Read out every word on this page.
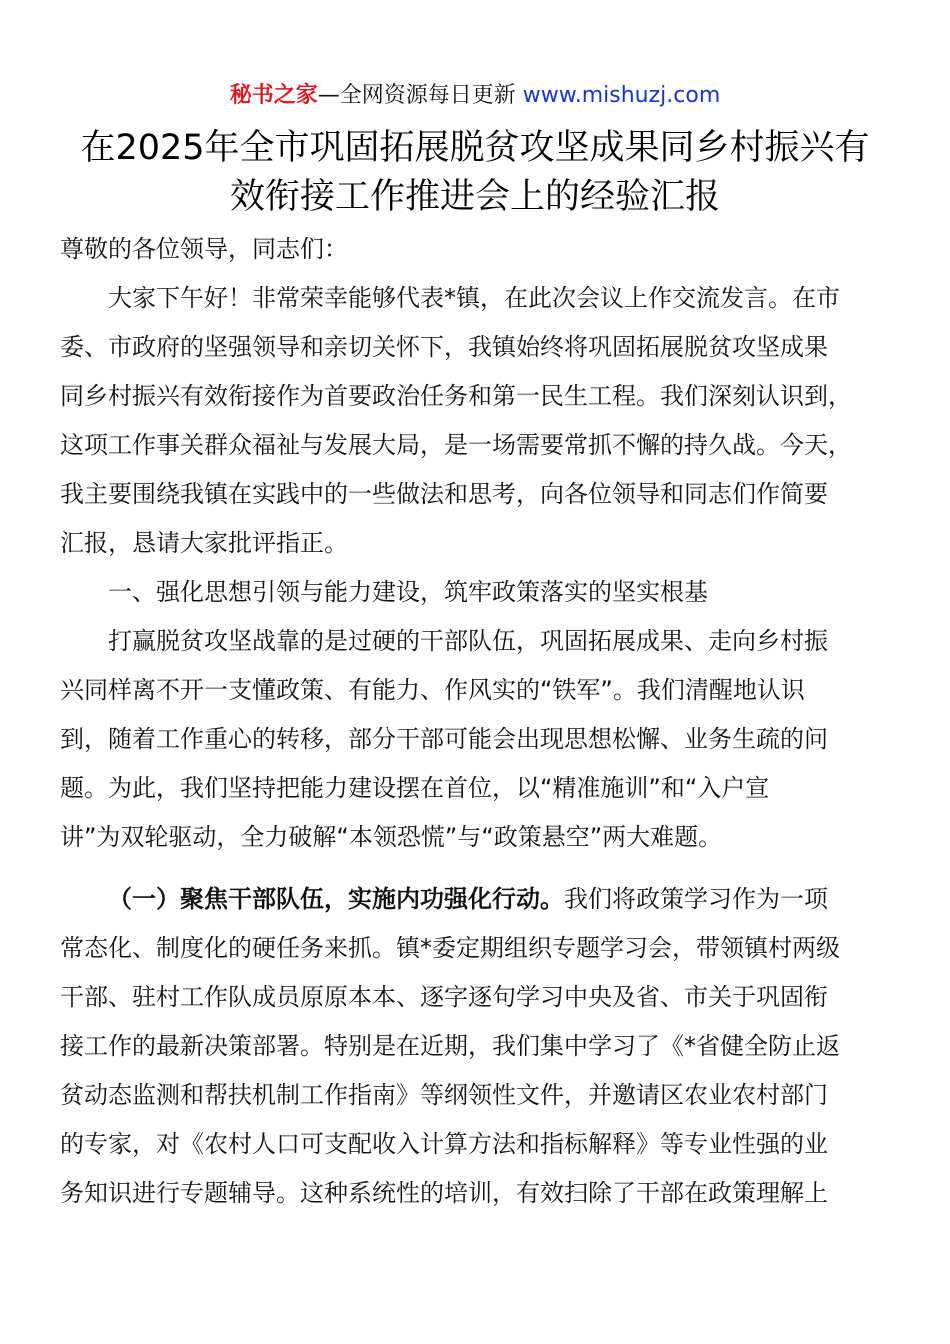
秘书之家—全网资源每日更新 www.mishuzj.com
在2025年全市巩固拓展脱贫攻坚成果同乡村振兴有
效衔接工作推进会上的经验汇报
尊敬的各位领导，同志们：
大家下午好！非常荣幸能够代表*镇，在此次会议上作交流发言。在市
委、市政府的坚强领导和亲切关怀下，我镇始终将巩固拓展脱贫攻坚成果
同乡村振兴有效衔接作为首要政治任务和第一民生工程。我们深刻认识到，
这项工作事关群众福祉与发展大局，是一场需要常抓不懈的持久战。今天，
我主要围绕我镇在实践中的一些做法和思考，向各位领导和同志们作简要
汇报，恳请大家批评指正。
一、强化思想引领与能力建设，筑牢政策落实的坚实根基
打赢脱贫攻坚战靠的是过硬的干部队伍，巩固拓展成果、走向乡村振
兴同样离不开一支懂政策、有能力、作风实的“铁军”。我们清醒地认识
到，随着工作重心的转移，部分干部可能会出现思想松懈、业务生疏的问
题。为此，我们坚持把能力建设摆在首位，以“精准施训”和“入户宣
讲”为双轮驱动，全力破解“本领恐慌”与“政策悬空”两大难题。
（一）聚焦干部队伍，实施内功强化行动。我们将政策学习作为一项
常态化、制度化的硬任务来抓。镇*委定期组织专题学习会，带领镇村两级
干部、驻村工作队成员原原本本、逐字逐句学习中央及省、市关于巩固衔
接工作的最新决策部署。特别是在近期，我们集中学习了《*省健全防止返
贫动态监测和帮扶机制工作指南》等纲领性文件，并邀请区农业农村部门
的专家，对《农村人口可支配收入计算方法和指标解释》等专业性强的业
务知识进行专题辅导。这种系统性的培训，有效扫除了干部在政策理解上
